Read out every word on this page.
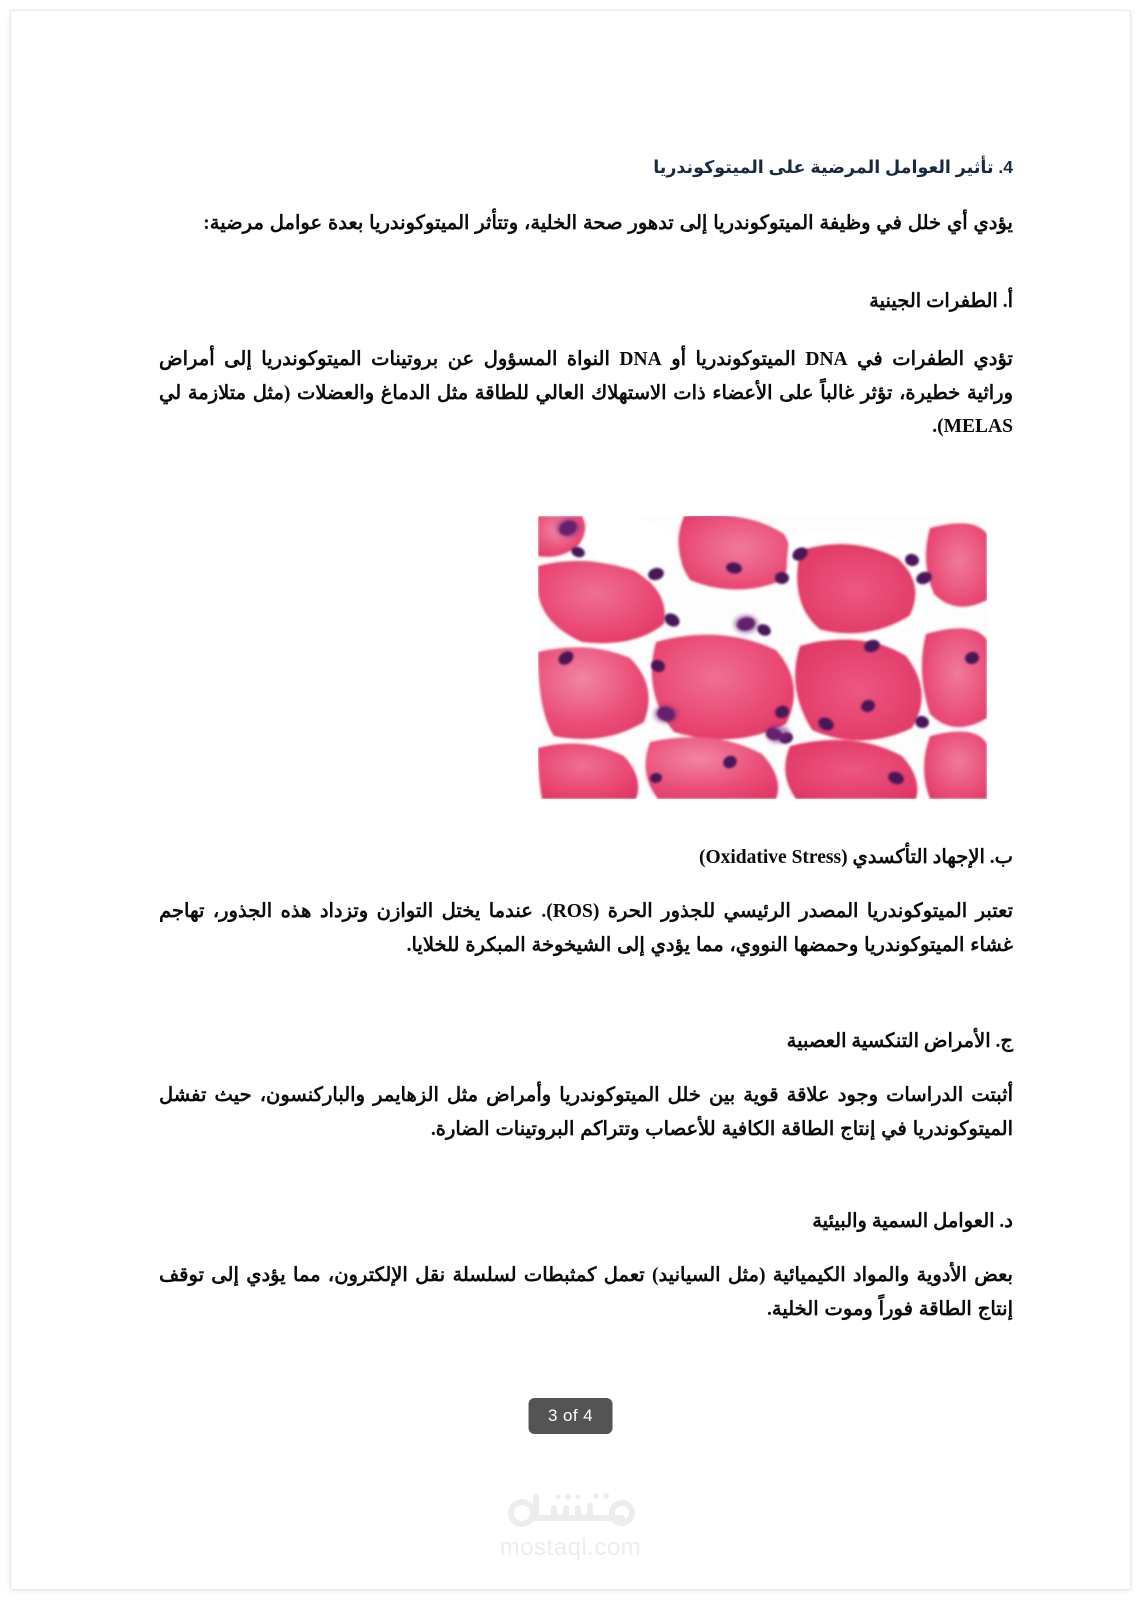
4. تأثير العوامل المرضية على الميتوكوندريا
يؤدي أي خلل في وظيفة الميتوكوندريا إلى تدهور صحة الخلية، وتتأثر الميتوكوندريا بعدة عوامل مرضية:
أ. الطفرات الجينية
تؤدي الطفرات في DNA الميتوكوندريا أو DNA النواة المسؤول عن بروتينات الميتوكوندريا إلى أمراض وراثية خطيرة، تؤثر غالباً على الأعضاء ذات الاستهلاك العالي للطاقة مثل الدماغ والعضلات (مثل متلازمة لي MELAS).
ب. الإجهاد التأكسدي (Oxidative Stress)
تعتبر الميتوكوندريا المصدر الرئيسي للجذور الحرة (ROS). عندما يختل التوازن وتزداد هذه الجذور، تهاجم غشاء الميتوكوندريا وحمضها النووي، مما يؤدي إلى الشيخوخة المبكرة للخلايا.
ج. الأمراض التنكسية العصبية
أثبتت الدراسات وجود علاقة قوية بين خلل الميتوكوندريا وأمراض مثل الزهايمر والباركنسون، حيث تفشل الميتوكوندريا في إنتاج الطاقة الكافية للأعصاب وتتراكم البروتينات الضارة.
د. العوامل السمية والبيئية
بعض الأدوية والمواد الكيميائية (مثل السيانيد) تعمل كمثبطات لسلسلة نقل الإلكترون، مما يؤدي إلى توقف إنتاج الطاقة فوراً وموت الخلية.
3 of 4
mostaql.com
